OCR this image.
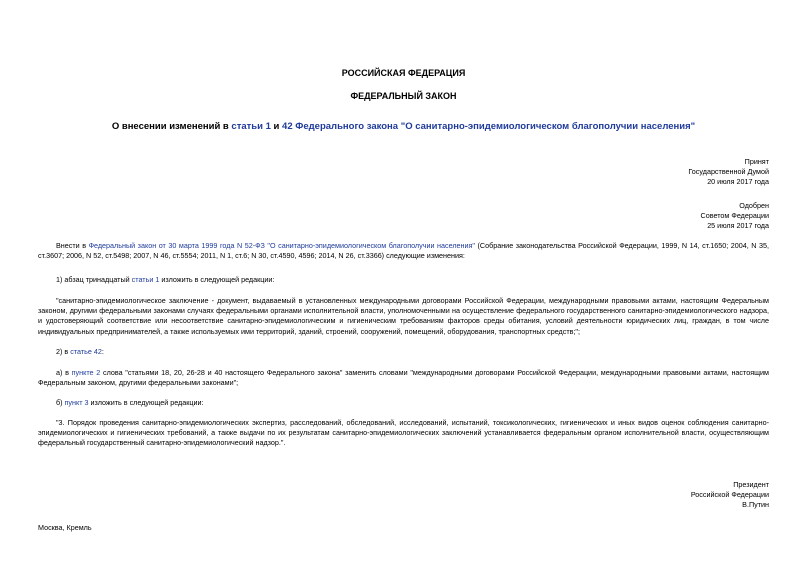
РОССИЙСКАЯ ФЕДЕРАЦИЯ
ФЕДЕРАЛЬНЫЙ ЗАКОН
О внесении изменений в статьи 1 и 42 Федерального закона "О санитарно-эпидемиологическом благополучии населения"
Принят
Государственной Думой
20 июля 2017 года
Одобрен
Советом Федерации
25 июля 2017 года
Внести в Федеральный закон от 30 марта 1999 года N 52-ФЗ "О санитарно-эпидемиологическом благополучии населения" (Собрание законодательства Российской Федерации, 1999, N 14, ст.1650; 2004, N 35, ст.3607; 2006, N 52, ст.5498; 2007, N 46, ст.5554; 2011, N 1, ст.6; N 30, ст.4590, 4596; 2014, N 26, ст.3366) следующие изменения:
1) абзац тринадцатый статьи 1 изложить в следующей редакции:
"санитарно-эпидемиологическое заключение - документ, выдаваемый в установленных международными договорами Российской Федерации, международными правовыми актами, настоящим Федеральным законом, другими федеральными законами случаях федеральными органами исполнительной власти, уполномоченными на осуществление федерального государственного санитарно-эпидемиологического надзора, и удостоверяющий соответствие или несоответствие санитарно-эпидемиологическим и гигиеническим требованиям факторов среды обитания, условий деятельности юридических лиц, граждан, в том числе индивидуальных предпринимателей, а также используемых ими территорий, зданий, строений, сооружений, помещений, оборудования, транспортных средств;";
2) в статье 42:
а) в пункте 2 слова "статьями 18, 20, 26-28 и 40 настоящего Федерального закона" заменить словами "международными договорами Российской Федерации, международными правовыми актами, настоящим Федеральным законом, другими федеральными законами";
б) пункт 3 изложить в следующей редакции:
"3. Порядок проведения санитарно-эпидемиологических экспертиз, расследований, обследований, исследований, испытаний, токсикологических, гигиенических и иных видов оценок соблюдения санитарно-эпидемиологических и гигиенических требований, а также выдачи по их результатам санитарно-эпидемиологических заключений устанавливается федеральным органом исполнительной власти, осуществляющим федеральный государственный санитарно-эпидемиологический надзор.".
Президент
Российской Федерации
В.Путин
Москва, Кремль
